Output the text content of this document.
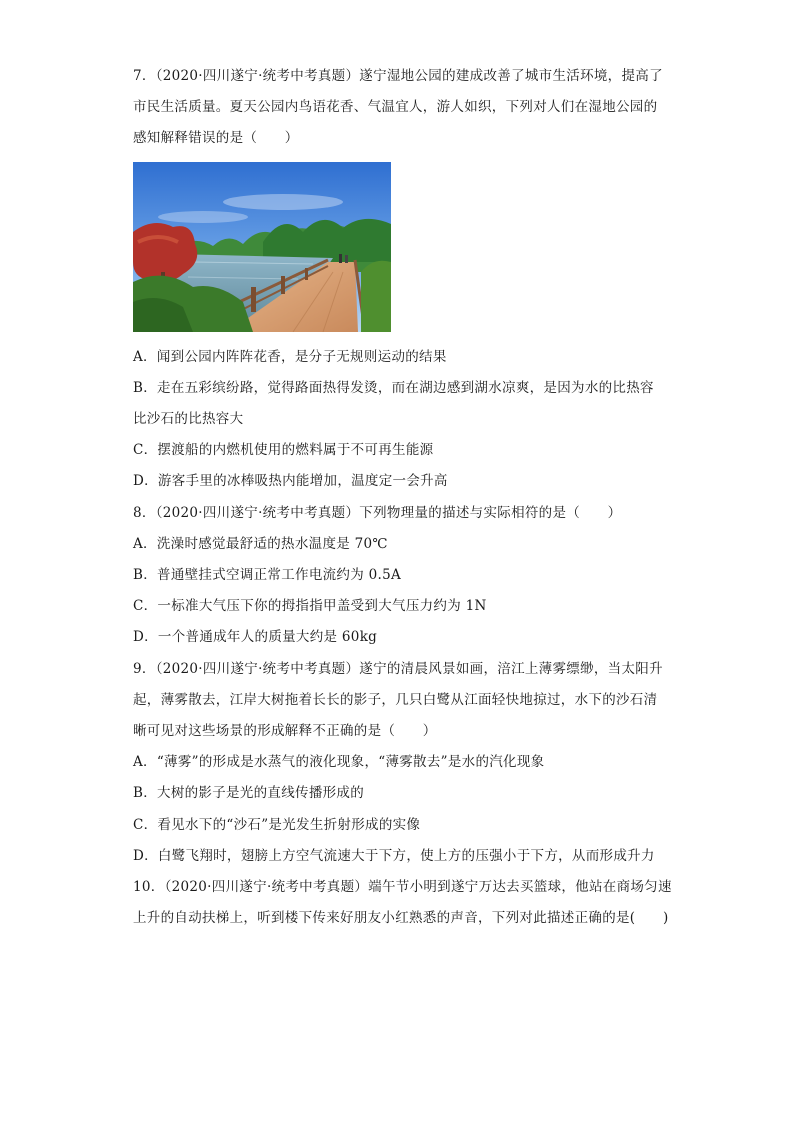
7．（2020·四川遂宁·统考中考真题）遂宁湿地公园的建成改善了城市生活环境，提高了
市民生活质量。夏天公园内鸟语花香、气温宜人，游人如织，下列对人们在湿地公园的
感知解释错误的是（　　）
A．闻到公园内阵阵花香，是分子无规则运动的结果
B．走在五彩缤纷路，觉得路面热得发烫，而在湖边感到湖水凉爽，是因为水的比热容
比沙石的比热容大
C．摆渡船的内燃机使用的燃料属于不可再生能源
D．游客手里的冰棒吸热内能增加，温度定一会升高
8．（2020·四川遂宁·统考中考真题）下列物理量的描述与实际相符的是（　　）
A．洗澡时感觉最舒适的热水温度是 70℃
B．普通壁挂式空调正常工作电流约为 0.5A
C．一标准大气压下你的拇指指甲盖受到大气压力约为 1N
D．一个普通成年人的质量大约是 60kg
9．（2020·四川遂宁·统考中考真题）遂宁的清晨风景如画，涪江上薄雾缥缈，当太阳升
起，薄雾散去，江岸大树拖着长长的影子，几只白鹭从江面轻快地掠过，水下的沙石清
晰可见对这些场景的形成解释不正确的是（　　）
A．“薄雾”的形成是水蒸气的液化现象，“薄雾散去”是水的汽化现象
B．大树的影子是光的直线传播形成的
C．看见水下的“沙石”是光发生折射形成的实像
D．白鹭飞翔时，翅膀上方空气流速大于下方，使上方的压强小于下方，从而形成升力
10．（2020·四川遂宁·统考中考真题）端午节小明到遂宁万达去买篮球，他站在商场匀速
上升的自动扶梯上，听到楼下传来好朋友小红熟悉的声音，下列对此描述正确的是(　　)
